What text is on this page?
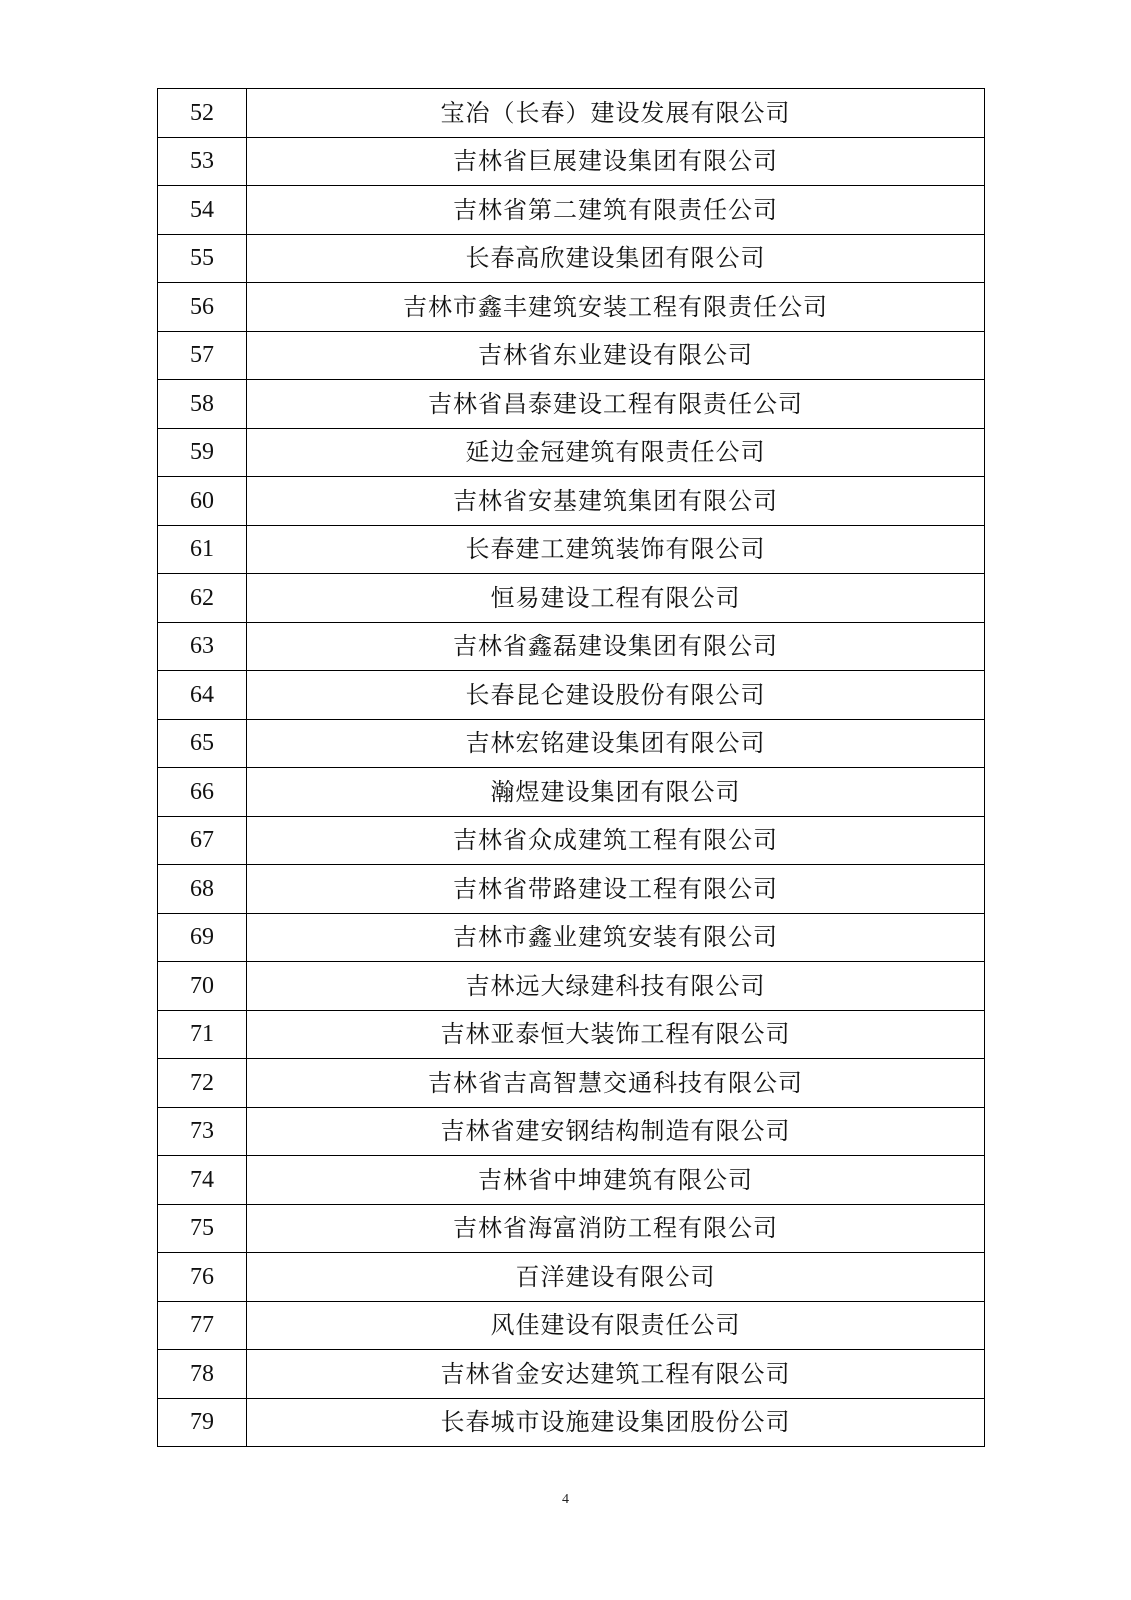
52	宝冶（长春）建设发展有限公司
53	吉林省巨展建设集团有限公司
54	吉林省第二建筑有限责任公司
55	长春高欣建设集团有限公司
56	吉林市鑫丰建筑安装工程有限责任公司
57	吉林省东业建设有限公司
58	吉林省昌泰建设工程有限责任公司
59	延边金冠建筑有限责任公司
60	吉林省安基建筑集团有限公司
61	长春建工建筑装饰有限公司
62	恒易建设工程有限公司
63	吉林省鑫磊建设集团有限公司
64	长春昆仑建设股份有限公司
65	吉林宏铭建设集团有限公司
66	瀚煜建设集团有限公司
67	吉林省众成建筑工程有限公司
68	吉林省带路建设工程有限公司
69	吉林市鑫业建筑安装有限公司
70	吉林远大绿建科技有限公司
71	吉林亚泰恒大装饰工程有限公司
72	吉林省吉高智慧交通科技有限公司
73	吉林省建安钢结构制造有限公司
74	吉林省中坤建筑有限公司
75	吉林省海富消防工程有限公司
76	百洋建设有限公司
77	风佳建设有限责任公司
78	吉林省金安达建筑工程有限公司
79	长春城市设施建设集团股份公司
4
